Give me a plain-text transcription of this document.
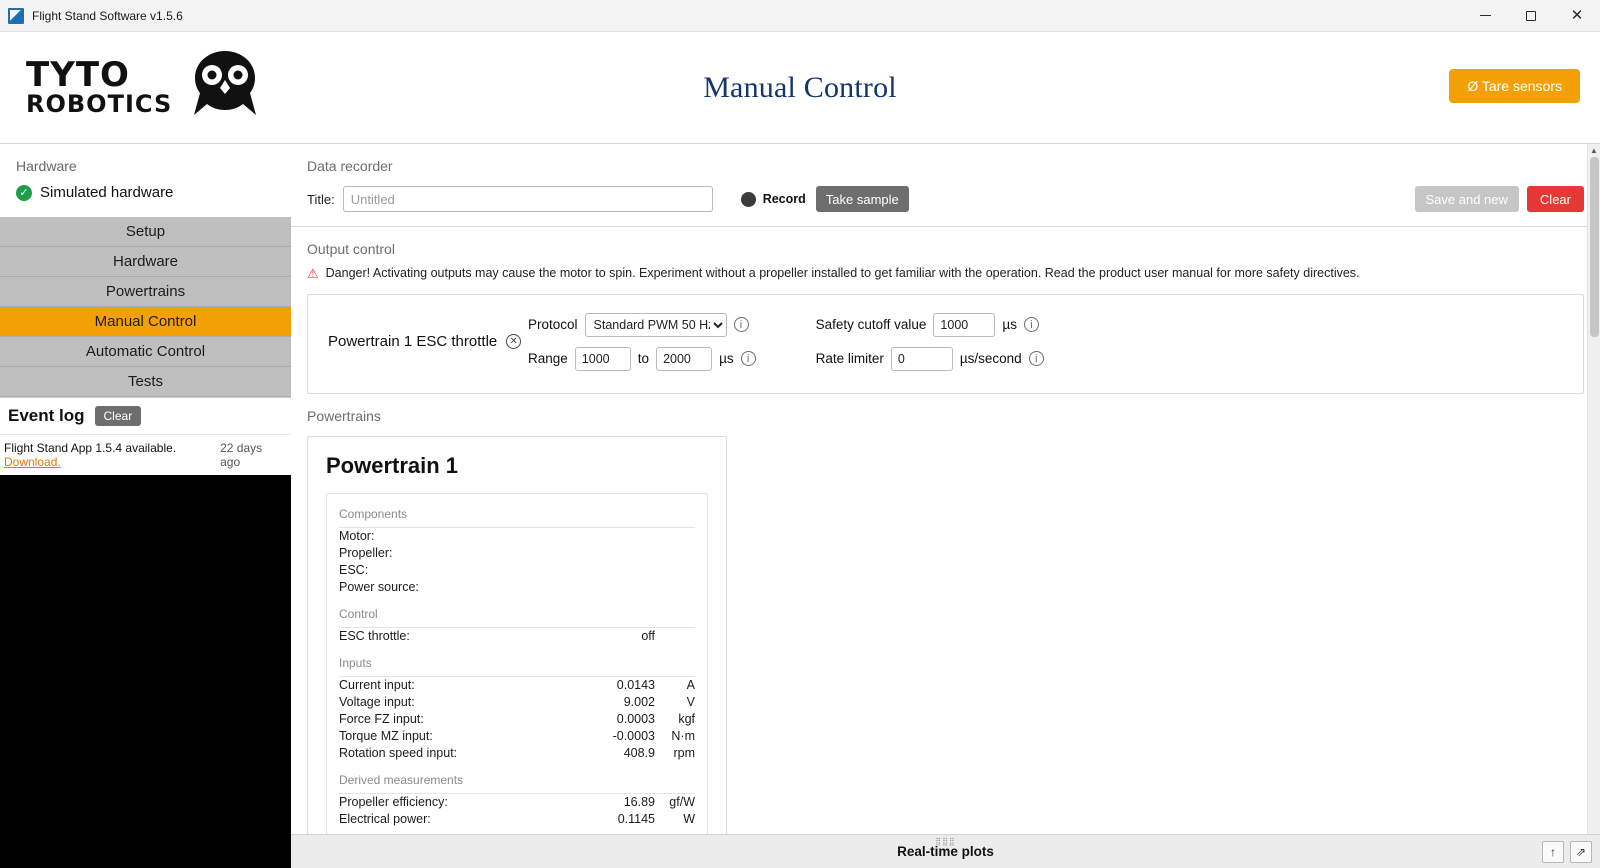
Flight Stand Software v1.5.6	✕
TYTO
ROBOTICS
Manual Control	Ø Tare sensors
Hardware
✓ Simulated hardware
Setup
Hardware
Powertrains
Manual Control
Automatic Control
Tests
Event log	Clear
Flight Stand App 1.5.4 available. Download.
22 days ago
Data recorder
Title:
Untitled	Record	Take sample	Save and new	Clear
Output control
⚠ Danger! Activating outputs may cause the motor to spin. Experiment without a propeller installed to get familiar with the operation. Read the product user manual for more safety directives.
Powertrain 1 ESC throttle	✕
Protocol
Standard PWM 50 Hz	i
Range
1000	to
2000	µs	i
Safety cutoff value
1000	µs	i
Rate limiter
0	µs/second	i
Powertrains
Powertrain 1
Components
Motor:
Propeller:
ESC:
Power source:
Control
ESC throttle:	off
Inputs
Current input:	0.0143	A
Voltage input:	9.002	V
Force FZ input:	0.0003	kgf
Torque MZ input:	-0.0003	N·m
Rotation speed input:	408.9	rpm
Derived measurements
Propeller efficiency:	16.89	gf/W
Electrical power:	0.1145	W
▲
⣿⣿⣿
Real-time plots	↑	⇗
